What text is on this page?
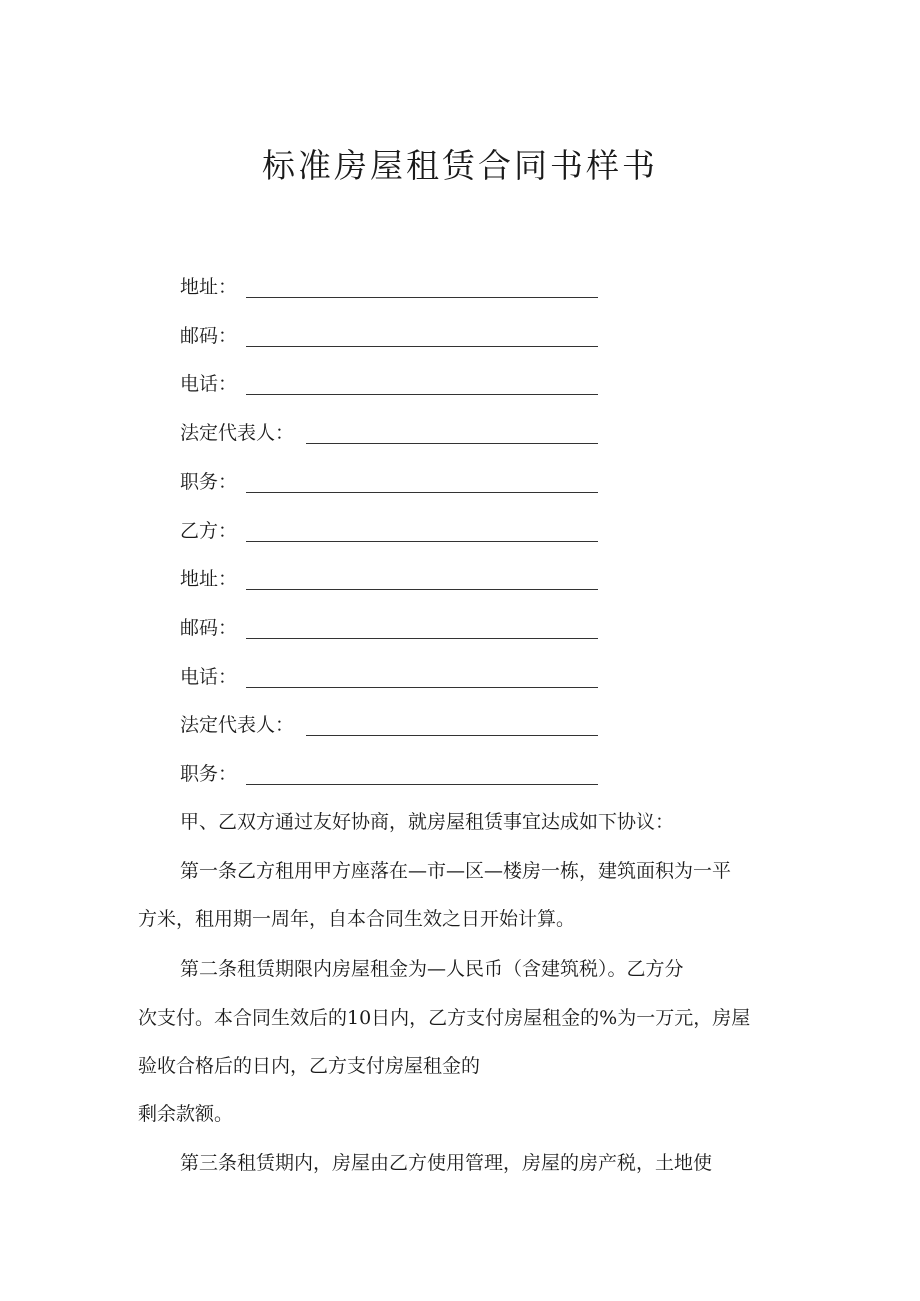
标准房屋租赁合同书样书
地址：
邮码：
电话：
法定代表人：
职务：
乙方：
地址：
邮码：
电话：
法定代表人：
职务：

甲、乙双方通过友好协商，就房屋租赁事宜达成如下协议：

第一条乙方租用甲方座落在—市—区—楼房一栋，建筑面积为一平

方米，租用期一周年，自本合同生效之日开始计算。

第二条租赁期限内房屋租金为—人民币（含建筑税）。乙方分

次支付。本合同生效后的10日内，乙方支付房屋租金的%为一万元，房屋

验收合格后的日内，乙方支付房屋租金的

剩余款额。

第三条租赁期内，房屋由乙方使用管理，房屋的房产税，土地使
